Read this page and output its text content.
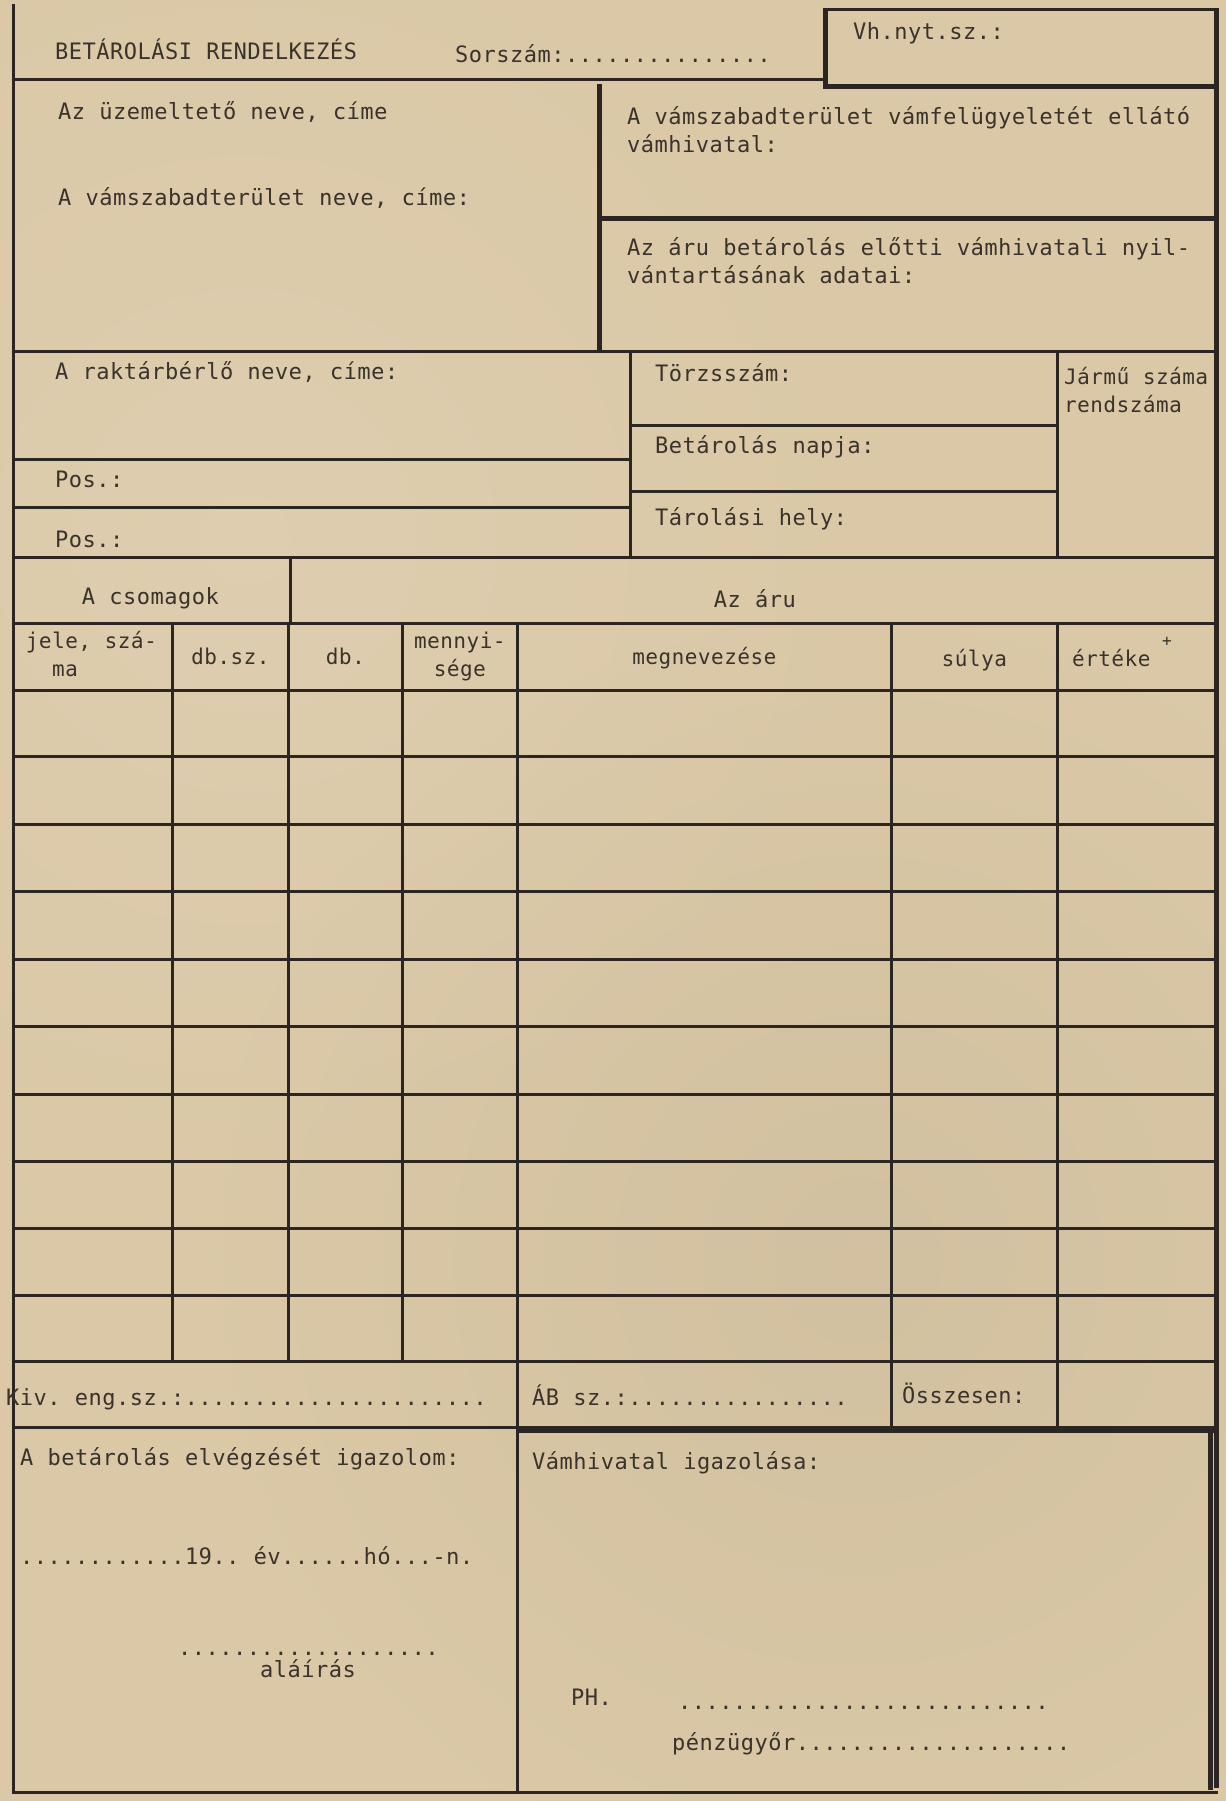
BETÁROLÁSI RENDELKEZÉS	Sorszám:...............
Vh.nyt.sz.:
Az üzemeltető neve, címe
A vámszabadterület neve, címe:
A vámszabadterület vámfelügyeletét ellátó
vámhivatal:
Az áru betárolás előtti vámhivatali nyil-
vántartásának adatai:
A raktárbérlő neve, címe:
Pos.:
Pos.:
Törzsszám:
Betárolás napja:
Tárolási hely:
Jármű száma
rendszáma
A csomagok	Az áru
jele, szá-
ma	db.sz.	db.
mennyi-
sége	megnevezése	súlya	értéke
+
Kiv. eng.sz.:...................... ÁB sz.:................ Összesen:
A betárolás elvégzését igazolom:
............19.. év......hó...-n.
...................
aláírás
Vámhivatal igazolása:
PH.	...........................
pénzügyőr....................
